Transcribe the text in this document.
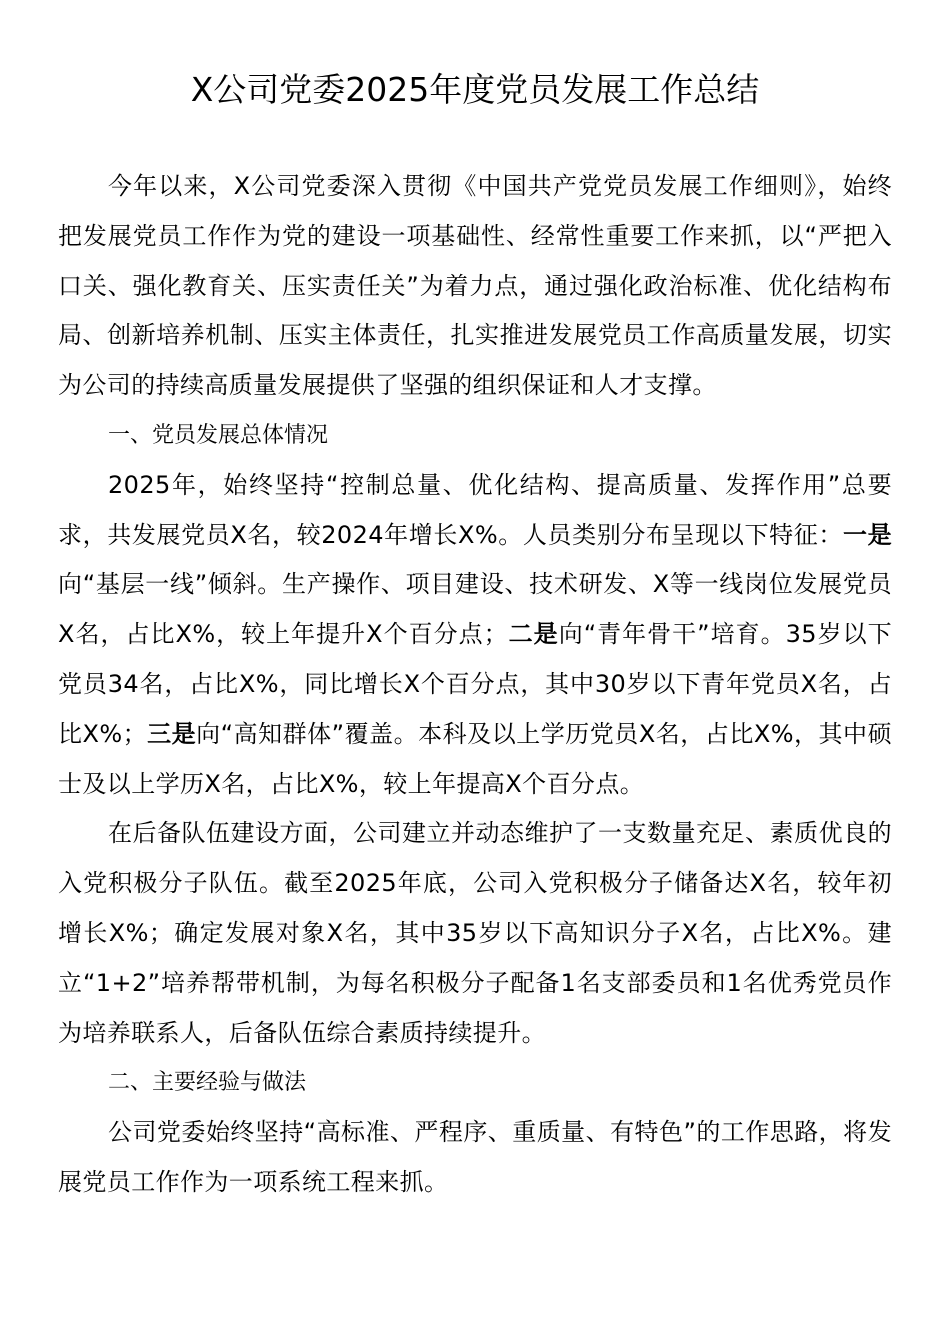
X公司党委2025年度党员发展工作总结

今年以来，X公司党委深入贯彻《中国共产党党员发展工作细则》，始终把发展党员工作作为党的建设一项基础性、经常性重要工作来抓，以“严把入口关、强化教育关、压实责任关”为着力点，通过强化政治标准、优化结构布局、创新培养机制、压实主体责任，扎实推进发展党员工作高质量发展，切实为公司的持续高质量发展提供了坚强的组织保证和人才支撑。

一、党员发展总体情况

2025年，始终坚持“控制总量、优化结构、提高质量、发挥作用”总要求，共发展党员X名，较2024年增长X%。人员类别分布呈现以下特征：一是向“基层一线”倾斜。生产操作、项目建设、技术研发、X等一线岗位发展党员X名，占比X%，较上年提升X个百分点；二是向“青年骨干”培育。35岁以下党员34名，占比X%，同比增长X个百分点，其中30岁以下青年党员X名，占比X%；三是向“高知群体”覆盖。本科及以上学历党员X名，占比X%，其中硕士及以上学历X名，占比X%，较上年提高X个百分点。

在后备队伍建设方面，公司建立并动态维护了一支数量充足、素质优良的入党积极分子队伍。截至2025年底，公司入党积极分子储备达X名，较年初增长X%；确定发展对象X名，其中35岁以下高知识分子X名，占比X%。建立“1+2”培养帮带机制，为每名积极分子配备1名支部委员和1名优秀党员作为培养联系人，后备队伍综合素质持续提升。

二、主要经验与做法

公司党委始终坚持“高标准、严程序、重质量、有特色”的工作思路，将发展党员工作作为一项系统工程来抓。
